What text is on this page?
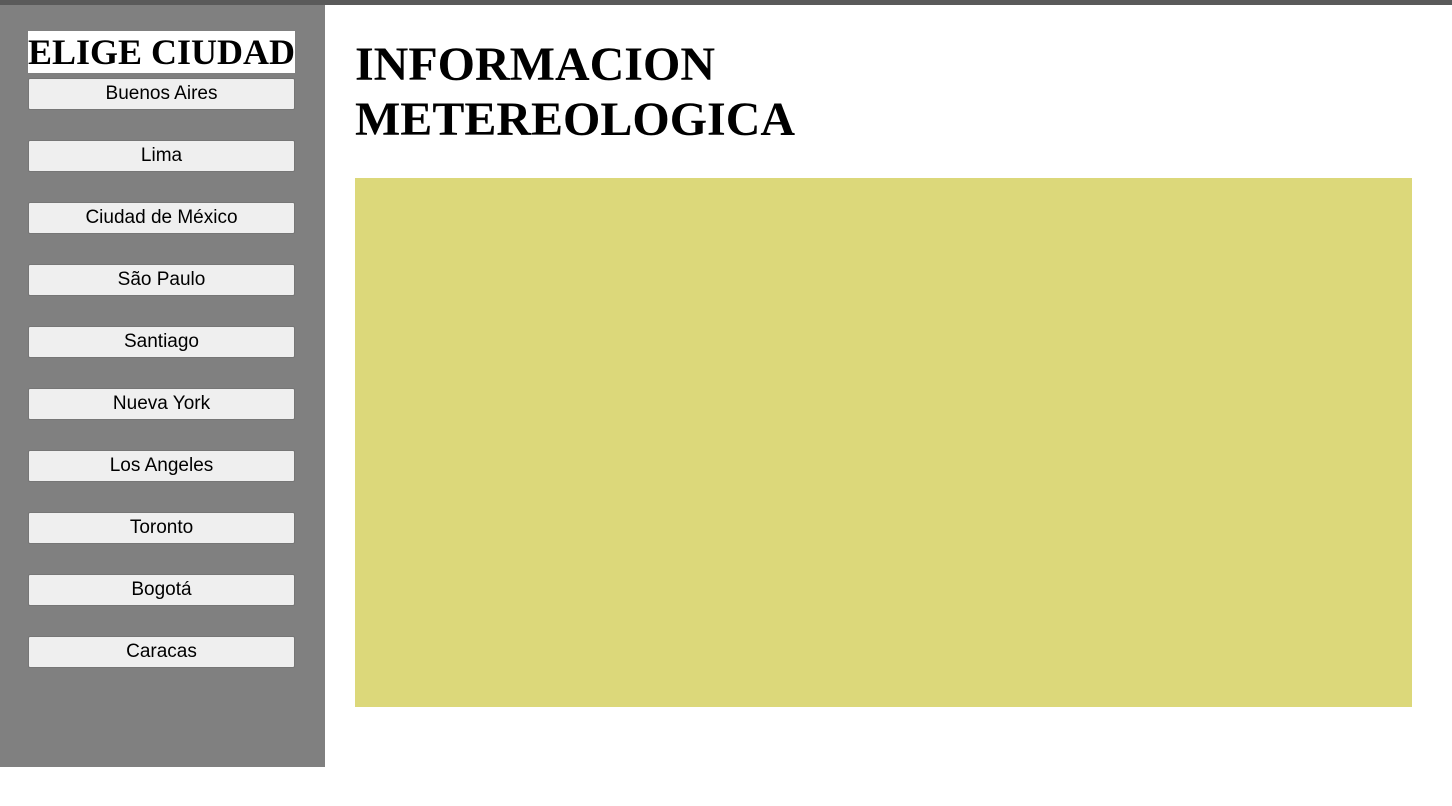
ELIGE CIUDAD
Buenos Aires
Lima
Ciudad de México
São Paulo
Santiago
Nueva York
Los Angeles
Toronto
Bogotá
Caracas
INFORMACION
METEREOLOGICA
